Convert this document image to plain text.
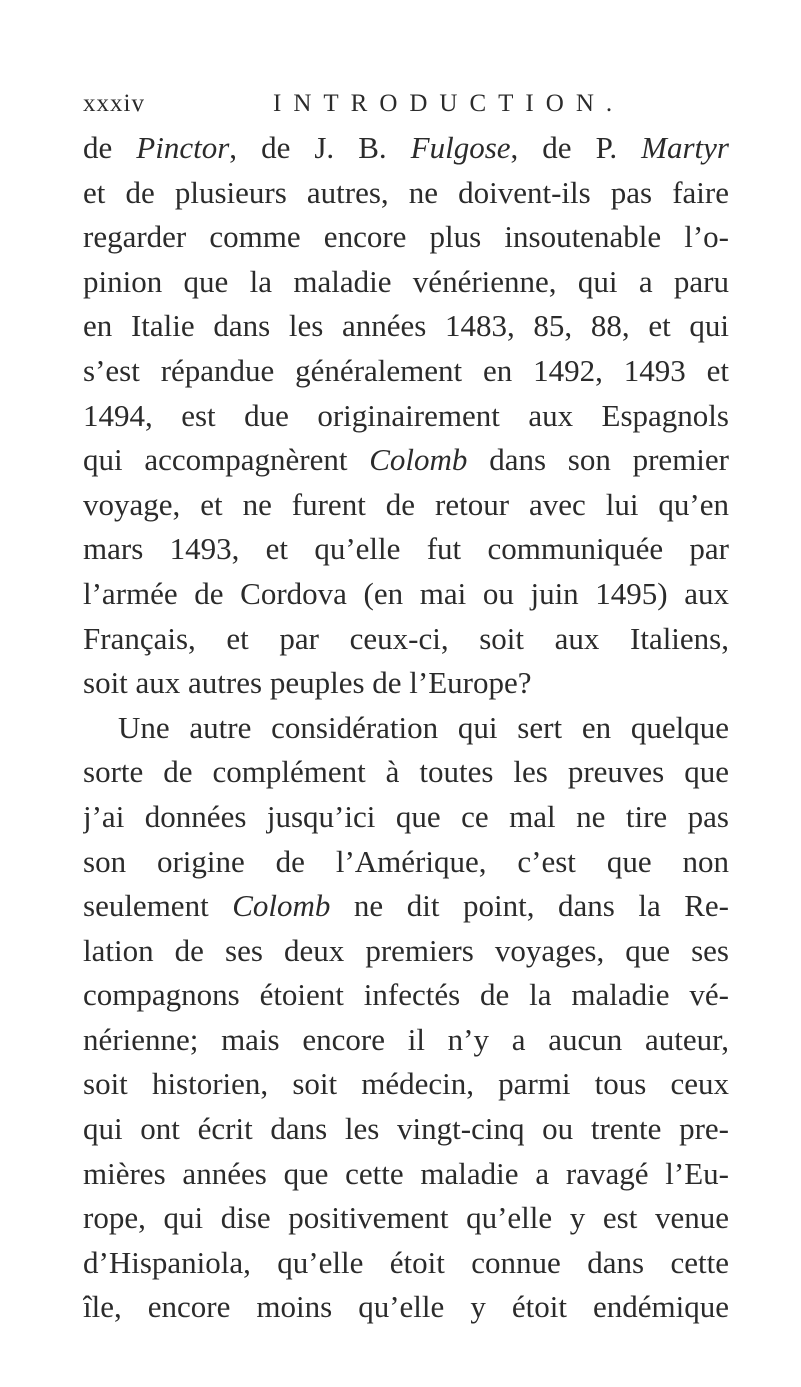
xxxiv	INTRODUCTION.
de Pinctor, de J. B. Fulgose, de P. Martyr
et de plusieurs autres, ne doivent-ils pas faire
regarder comme encore plus insoutenable l’o-
pinion que la maladie vénérienne, qui a paru
en Italie dans les années 1483, 85, 88, et qui
s’est répandue généralement en 1492, 1493 et
1494, est due originairement aux Espagnols
qui accompagnèrent Colomb dans son premier
voyage, et ne furent de retour avec lui qu’en
mars 1493, et qu’elle fut communiquée par
l’armée de Cordova (en mai ou juin 1495) aux
Français, et par ceux-ci, soit aux Italiens,
soit aux autres peuples de l’Europe?
Une autre considération qui sert en quelque
sorte de complément à toutes les preuves que
j’ai données jusqu’ici que ce mal ne tire pas
son origine de l’Amérique, c’est que non
seulement Colomb ne dit point, dans la Re-
lation de ses deux premiers voyages, que ses
compagnons étoient infectés de la maladie vé-
nérienne; mais encore il n’y a aucun auteur,
soit historien, soit médecin, parmi tous ceux
qui ont écrit dans les vingt-cinq ou trente pre-
mières années que cette maladie a ravagé l’Eu-
rope, qui dise positivement qu’elle y est venue
d’Hispaniola, qu’elle étoit connue dans cette
île, encore moins qu’elle y étoit endémique
